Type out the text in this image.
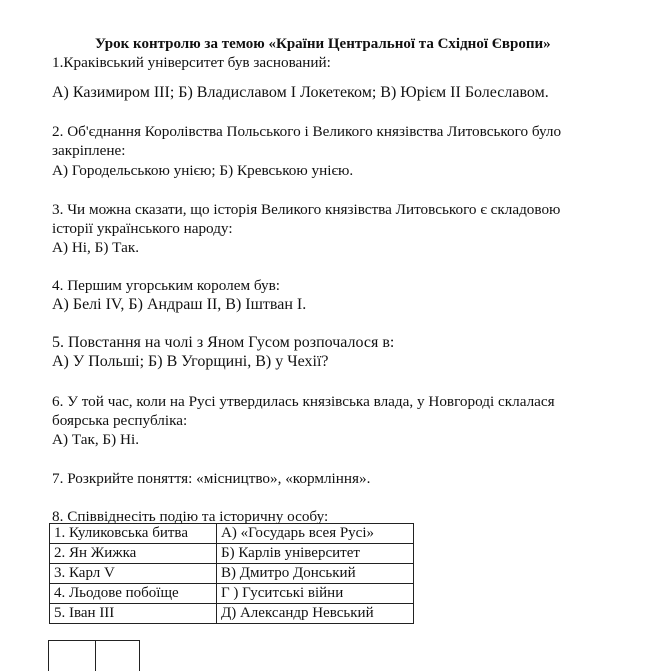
Урок контролю за темою «Країни Центральної та Східної Європи»
1.Краківський університет був заснований:
А) Казимиром ІІІ; Б) Владиславом І Локетеком; В) Юрієм ІІ Болеславом.
2. Об'єднання Королівства Польського і Великого князівства Литовського було
закріплене:
А) Городельською унією; Б) Кревською унією.
3. Чи можна сказати, що історія Великого князівства Литовського є складовою
історії українського народу:
А) Ні, Б) Так.
4. Першим угорським королем був:
А) Белі IV, Б) Андраш ІІ, В) Іштван І.
5. Повстання на чолі з Яном Гусом розпочалося в:
А) У Польші; Б) В Угорщині, В) у Чехії?
6. У той час, коли на Русі утвердилась князівська влада, у Новгороді склалася
боярська республіка:
А) Так, Б) Ні.
7. Розкрийте поняття: «місництво», «кормління».
8. Співвіднесіть подію та історичну особу:
1. Куликовська битва	А) «Государь всея Русі»
2. Ян Жижка	Б) Карлів університет
3. Карл V	В) Дмитро Донський
4. Льодове побоїще	Г ) Гуситські війни
5. Іван ІІІ	Д) Александр Невський
